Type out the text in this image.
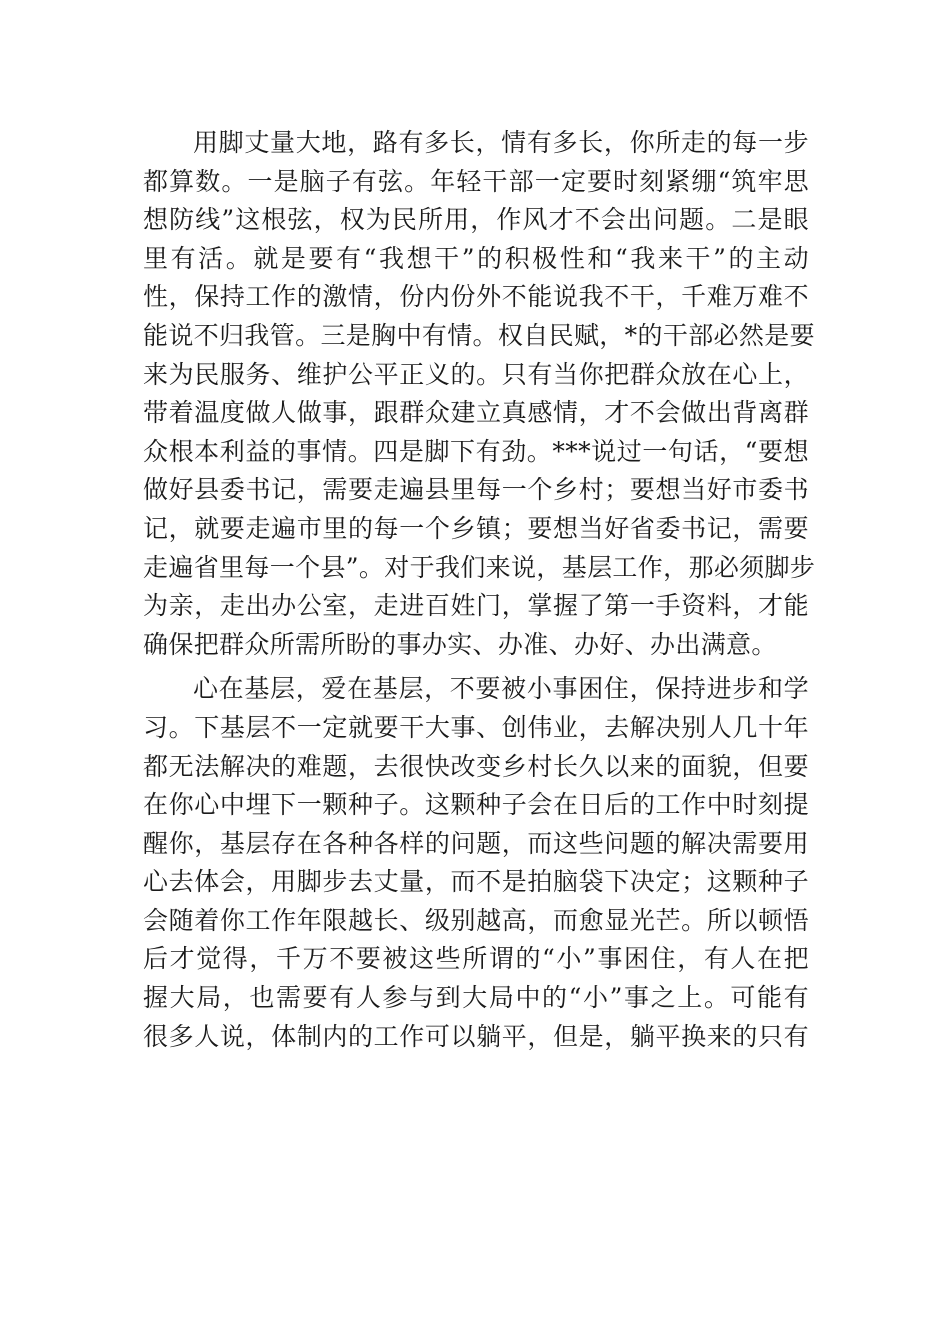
用脚丈量大地，路有多长，情有多长，你所走的每一步
都算数。一是脑子有弦。年轻干部一定要时刻紧绷“筑牢思
想防线”这根弦，权为民所用，作风才不会出问题。二是眼
里有活。就是要有“我想干”的积极性和“我来干”的主动
性，保持工作的激情，份内份外不能说我不干，千难万难不
能说不归我管。三是胸中有情。权自民赋，*的干部必然是要
来为民服务、维护公平正义的。只有当你把群众放在心上，
带着温度做人做事，跟群众建立真感情，才不会做出背离群
众根本利益的事情。四是脚下有劲。***说过一句话，“要想
做好县委书记，需要走遍县里每一个乡村；要想当好市委书
记，就要走遍市里的每一个乡镇；要想当好省委书记，需要
走遍省里每一个县”。对于我们来说，基层工作，那必须脚步
为亲，走出办公室，走进百姓门，掌握了第一手资料，才能
确保把群众所需所盼的事办实、办准、办好、办出满意。
心在基层，爱在基层，不要被小事困住，保持进步和学
习。下基层不一定就要干大事、创伟业，去解决别人几十年
都无法解决的难题，去很快改变乡村长久以来的面貌，但要
在你心中埋下一颗种子。这颗种子会在日后的工作中时刻提
醒你，基层存在各种各样的问题，而这些问题的解决需要用
心去体会，用脚步去丈量，而不是拍脑袋下决定；这颗种子
会随着你工作年限越长、级别越高，而愈显光芒。所以顿悟
后才觉得，千万不要被这些所谓的“小”事困住，有人在把
握大局，也需要有人参与到大局中的“小”事之上。可能有
很多人说，体制内的工作可以躺平，但是，躺平换来的只有
